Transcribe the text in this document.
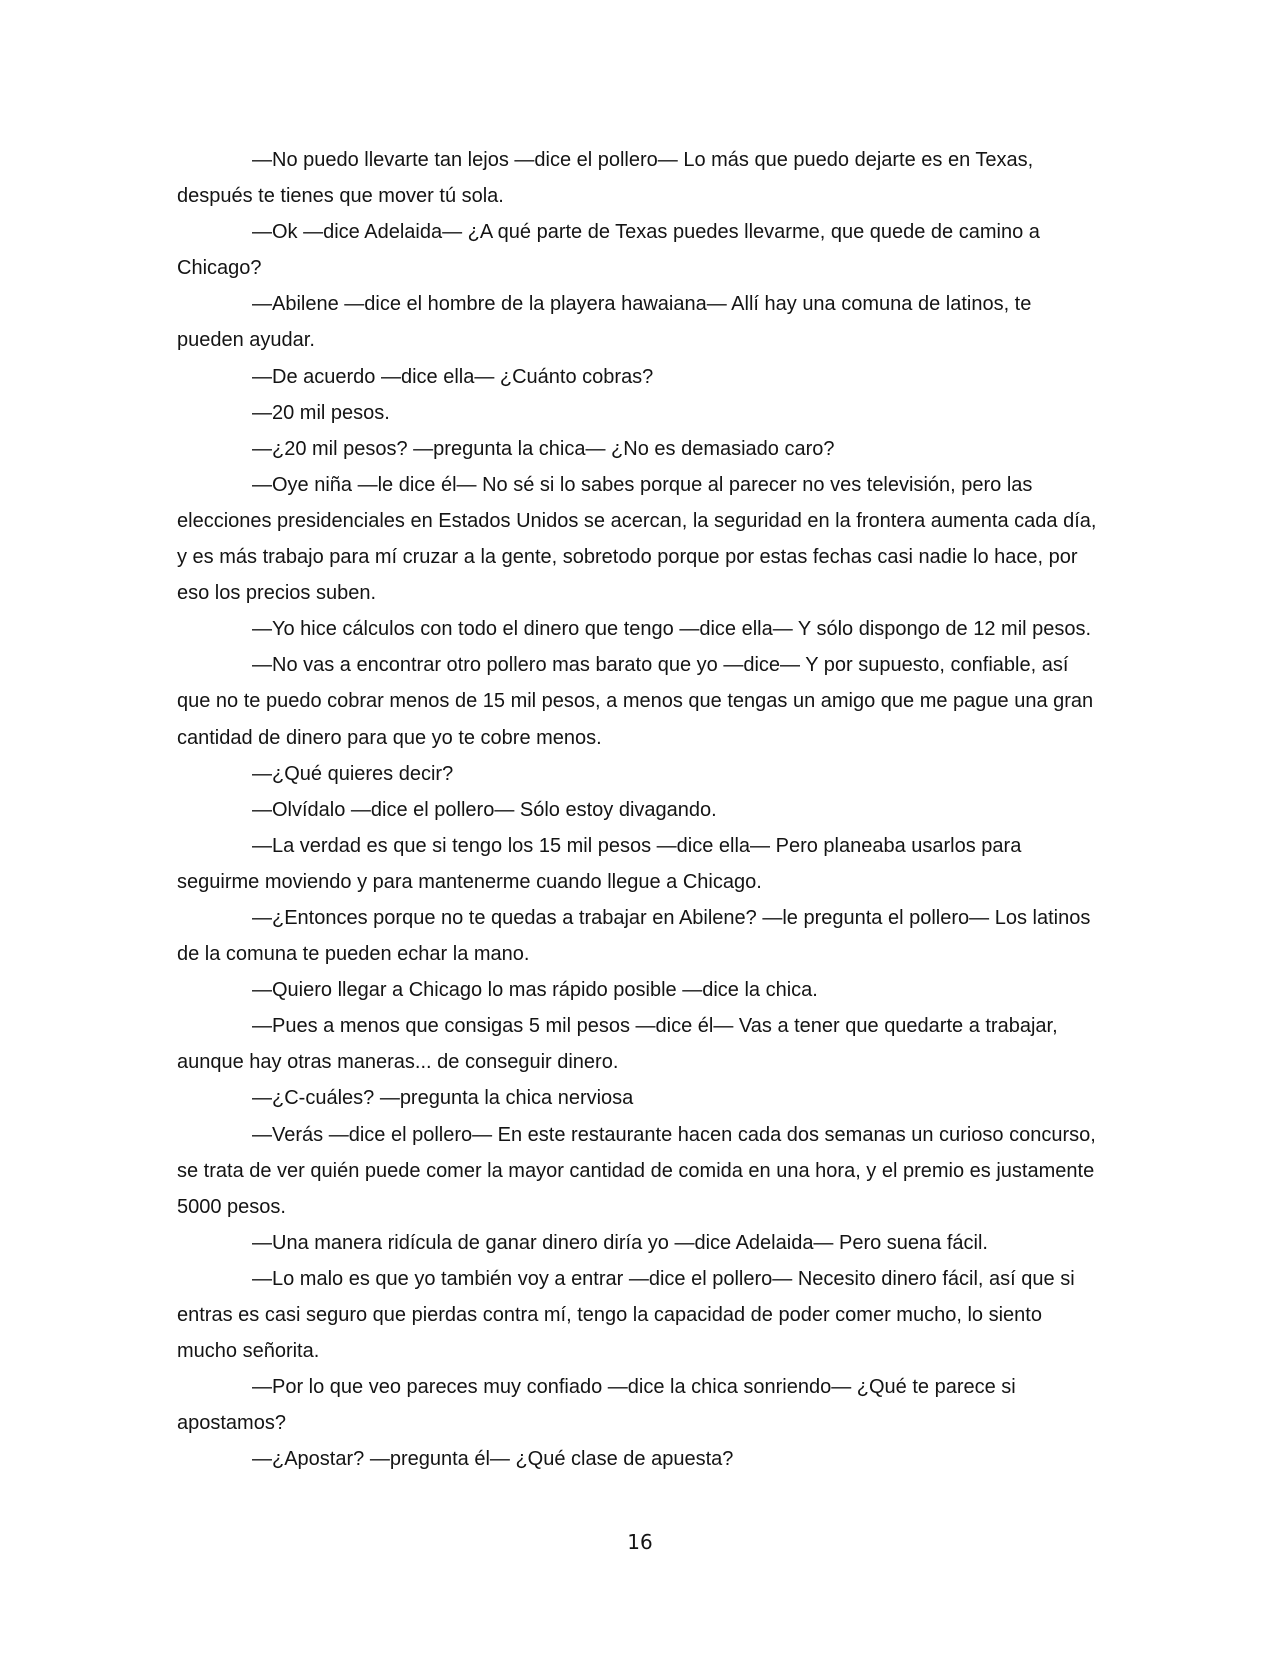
—No puedo llevarte tan lejos —dice el pollero— Lo más que puedo dejarte es en Texas, después te tienes que mover tú sola.

—Ok —dice Adelaida— ¿A qué parte de Texas puedes llevarme, que quede de camino a Chicago?

—Abilene —dice el hombre de la playera hawaiana— Allí hay una comuna de latinos, te pueden ayudar.

—De acuerdo —dice ella— ¿Cuánto cobras?

—20 mil pesos.

—¿20 mil pesos? —pregunta la chica— ¿No es demasiado caro?

—Oye niña —le dice él— No sé si lo sabes porque al parecer no ves televisión, pero las elecciones presidenciales en Estados Unidos se acercan, la seguridad en la frontera aumenta cada día, y es más trabajo para mí cruzar a la gente, sobretodo porque por estas fechas casi nadie lo hace, por eso los precios suben.

—Yo hice cálculos con todo el dinero que tengo —dice ella— Y sólo dispongo de 12 mil pesos.

—No vas a encontrar otro pollero mas barato que yo —dice— Y por supuesto, confiable, así que no te puedo cobrar menos de 15 mil pesos, a menos que tengas un amigo que me pague una gran cantidad de dinero para que yo te cobre menos.

—¿Qué quieres decir?

—Olvídalo —dice el pollero— Sólo estoy divagando.

—La verdad es que si tengo los 15 mil pesos —dice ella— Pero planeaba usarlos para seguirme moviendo y para mantenerme cuando llegue a Chicago.

—¿Entonces porque no te quedas a trabajar en Abilene? —le pregunta el pollero— Los latinos de la comuna te pueden echar la mano.

—Quiero llegar a Chicago lo mas rápido posible —dice la chica.

—Pues a menos que consigas 5 mil pesos —dice él— Vas a tener que quedarte a trabajar, aunque hay otras maneras... de conseguir dinero.

—¿C-cuáles? —pregunta la chica nerviosa

—Verás —dice el pollero— En este restaurante hacen cada dos semanas un curioso concurso, se trata de ver quién puede comer la mayor cantidad de comida en una hora, y el premio es justamente 5000 pesos.

—Una manera ridícula de ganar dinero diría yo —dice Adelaida— Pero suena fácil.

—Lo malo es que yo también voy a entrar —dice el pollero— Necesito dinero fácil, así que si entras es casi seguro que pierdas contra mí, tengo la capacidad de poder comer mucho, lo siento mucho señorita.

—Por lo que veo pareces muy confiado —dice la chica sonriendo— ¿Qué te parece si apostamos?

—¿Apostar? —pregunta él— ¿Qué clase de apuesta?

16
